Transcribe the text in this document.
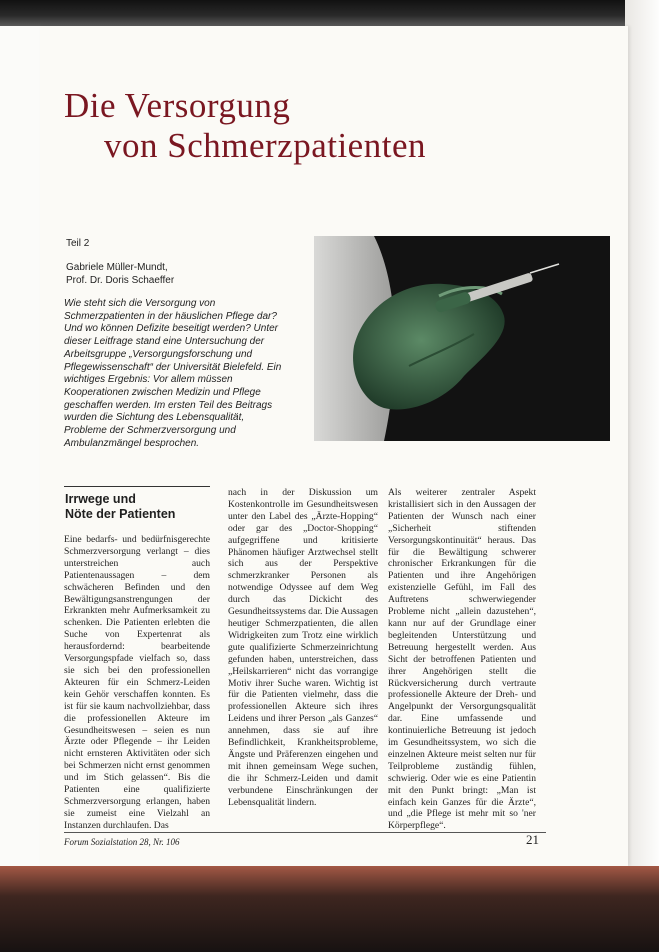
Die Versorgung
von Schmerzpatienten
Teil 2
Gabriele Müller-Mundt,
Prof. Dr. Doris Schaeffer
Wie steht sich die Versorgung von Schmerzpatienten in der häuslichen Pflege dar? Und wo können Defizite beseitigt werden? Unter dieser Leitfrage stand eine Untersuchung der Arbeitsgruppe „Versorgungsforschung und Pflegewissenschaft“ der Universität Bielefeld. Ein wichtiges Ergebnis: Vor allem müssen Kooperationen zwischen Medizin und Pflege geschaffen werden. Im ersten Teil des Beitrags wurden die Sichtung des Lebensqualität, Probleme der Schmerzversorgung und Ambulanzmängel besprochen.
Irrwege und
Nöte der Patienten
Eine bedarfs- und bedürfnisgerechte Schmerzversorgung verlangt – dies unterstreichen auch Patientenaussagen – dem schwächeren Befinden und den Bewältigungsanstrengungen der Erkrankten mehr Aufmerksamkeit zu schenken. Die Patienten erlebten die Suche von Expertenrat als herausfordernd: bearbeitende Versorgungspfade vielfach so, dass sie sich bei den professionellen Akteuren für ein Schmerz-Leiden kein Gehör verschaffen konnten. Es ist für sie kaum nachvollziehbar, dass die professionellen Akteure im Gesundheitswesen – seien es nun Ärzte oder Pflegende – ihr Leiden nicht ernsteren Aktivitäten oder sich bei Schmerzen nicht ernst genommen und im Stich gelassen“. Bis die Patienten eine qualifizierte Schmerzversorgung erlangen, haben sie zumeist eine Vielzahl an Instanzen durchlaufen. Das
nach in der Diskussion um Kostenkontrolle im Gesundheitswesen unter den Label des „Ärzte-Hopping“ oder gar des „Doctor-Shopping“ aufgegriffene und kritisierte Phänomen häufiger Arztwechsel stellt sich aus der Perspektive schmerzkranker Personen als notwendige Odyssee auf dem Weg durch das Dickicht des Gesundheitssystems dar. Die Aussagen heutiger Schmerzpatienten, die allen Widrigkeiten zum Trotz eine wirklich gute qualifizierte Schmerzeinrichtung gefunden haben, unterstreichen, dass „Heilskarrieren“ nicht das vorrangige Motiv ihrer Suche waren. Wichtig ist für die Patienten vielmehr, dass die professionellen Akteure sich ihres Leidens und ihrer Person „als Ganzes“ annehmen, dass sie auf ihre Befindlichkeit, Krankheitsprobleme, Ängste und Präferenzen eingehen und mit ihnen gemeinsam Wege suchen, die ihr Schmerz-Leiden und damit verbundene Einschränkungen der Lebensqualität lindern.
Als weiterer zentraler Aspekt kristallisiert sich in den Aussagen der Patienten der Wunsch nach einer „Sicherheit stiftenden Versorgungskontinuität“ heraus. Das für die Bewältigung schwerer chronischer Erkrankungen für die Patienten und ihre Angehörigen existenzielle Gefühl, im Fall des Auftretens schwerwiegender Probleme nicht „allein dazustehen“, kann nur auf der Grundlage einer begleitenden Unterstützung und Betreuung hergestellt werden. Aus Sicht der betroffenen Patienten und ihrer Angehörigen stellt die Rückversicherung durch vertraute professionelle Akteure der Dreh- und Angelpunkt der Versorgungsqualität dar. Eine umfassende und kontinuierliche Betreuung ist jedoch im Gesundheitssystem, wo sich die einzelnen Akteure meist selten nur für Teilprobleme zuständig fühlen, schwierig. Oder wie es eine Patientin mit den Punkt bringt: „Man ist einfach kein Ganzes für die Ärzte“, und „die Pflege ist mehr mit so 'ner Körperpflege“.
Forum Sozialstation 28, Nr. 106	21
